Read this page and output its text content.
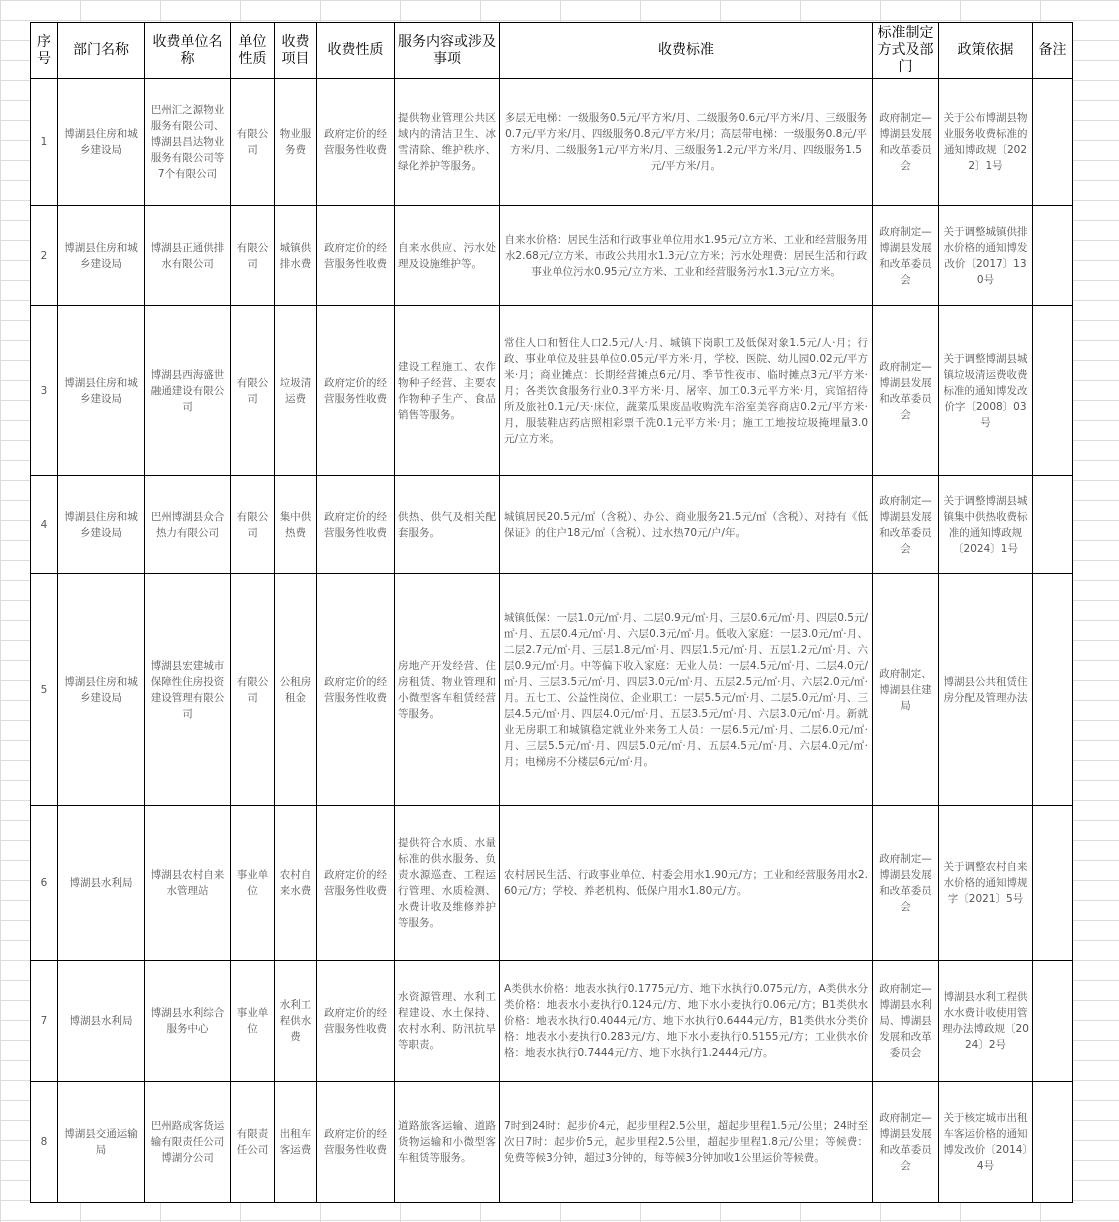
序号	部门名称	收费单位名称	单位性质	收费项目	收费性质	服务内容或涉及事项	收费标准	标准制定方式及部门	政策依据	备注
1	博湖县住房和城乡建设局	巴州汇之源物业服务有限公司、博湖县昌达物业服务有限公司等7个有限公司	有限公司	物业服务费	政府定价的经营服务性收费	提供物业管理公共区域内的清洁卫生、冰雪清除、维护秩序、绿化养护等服务。	多层无电梯：一级服务0.5元/平方米/月、二级服务0.6元/平方米/月、三级服务0.7元/平方米/月、四级服务0.8元/平方米/月；高层带电梯：一级服务0.8元/平方米/月、二级服务1元/平方米/月、三级服务1.2元/平方米/月、四级服务1.5元/平方米/月。	政府制定—博湖县发展和改革委员会	关于公布博湖县物业服务收费标准的通知博政规〔2022〕1号	
2	博湖县住房和城乡建设局	博湖县正通供排水有限公司	有限公司	城镇供排水费	政府定价的经营服务性收费	自来水供应、污水处理及设施维护等。	自来水价格：居民生活和行政事业单位用水1.95元/立方米、工业和经营服务用水2.68元/立方米、市政公共用水1.3元/立方米；污水处理费：居民生活和行政事业单位污水0.95元/立方米、工业和经营服务污水1.3元/立方米。	政府制定—博湖县发展和改革委员会	关于调整城镇供排水价格的通知博发改价〔2017〕130号	
3	博湖县住房和城乡建设局	博湖县西海盛世融通建设有限公司	有限公司	垃圾清运费	政府定价的经营服务性收费	建设工程施工、农作物种子经营、主要农作物种子生产、食品销售等服务。	常住人口和暂住人口2.5元/人·月、城镇下岗职工及低保对象1.5元/人·月；行政、事业单位及驻县单位0.05元/平方米·月，学校、医院、幼儿园0.02元/平方米·月；商业摊点：长期经营摊点6元/月、季节性夜市、临时摊点3元/平方米·月；各类饮食服务行业0.3平方米·月、屠宰、加工0.3元平方米·月，宾馆招待所及旅社0.1元/天·床位，蔬菜瓜果废品收购洗车浴室美容商店0.2元/平方米·月，服装鞋店药店照相彩票千洗0.1元平方米·月；施工工地按垃圾掩埋量3.0元/立方米。	政府制定—博湖县发展和改革委员会	关于调整博湖县城镇垃圾清运费收费标准的通知博发改价字〔2008〕03号	
4	博湖县住房和城乡建设局	巴州博湖县众合热力有限公司	有限公司	集中供热费	政府定价的经营服务性收费	供热、供气及相关配套服务。	城镇居民20.5元/㎡（含税）、办公、商业服务21.5元/㎡（含税）、对持有《低保证》的住户18元/㎡（含税）、过水热70元/户/年。	政府制定—博湖县发展和改革委员会	关于调整博湖县城镇集中供热收费标准的通知博政规〔2024〕1号	
5	博湖县住房和城乡建设局	博湖县宏建城市保障性住房投资建设管理有限公司	有限公司	公租房租金	政府定价的经营服务性收费	房地产开发经营、住房租赁、物业管理和小微型客车租赁经营等服务。	城镇低保：一层1.0元/㎡·月、二层0.9元/㎡·月、三层0.6元/㎡·月、四层0.5元/㎡·月、五层0.4元/㎡·月、六层0.3元/㎡·月。低收入家庭：一层3.0元/㎡·月、二层2.7元/㎡·月、三层1.8元/㎡·月、四层1.5元/㎡·月、五层1.2元/㎡·月、六层0.9元/㎡·月。中等偏下收入家庭：无业人员：一层4.5元/㎡·月、二层4.0元/㎡·月、三层3.5元/㎡·月、四层3.0元/㎡·月、五层2.5元/㎡·月、六层2.0元/㎡·月。五七工、公益性岗位、企业职工：一层5.5元/㎡·月、二层5.0元/㎡·月、三层4.5元/㎡·月、四层4.0元/㎡·月、五层3.5元/㎡·月、六层3.0元/㎡·月。新就业无房职工和城镇稳定就业外来务工人员：一层6.5元/㎡·月、二层6.0元/㎡·月、三层5.5元/㎡·月、四层5.0元/㎡·月、五层4.5元/㎡·月、六层4.0元/㎡·月；电梯房不分楼层6元/㎡·月。	政府制定、博湖县住建局	博湖县公共租赁住房分配及管理办法	
6	博湖县水利局	博湖县农村自来水管理站	事业单位	农村自来水费	政府定价的经营服务性收费	提供符合水质、水量标准的供水服务、负责水源巡查、工程运行管理、水质检测、水费计收及维修养护等服务。	农村居民生活、行政事业单位、村委会用水1.90元/方；工业和经营服务用水2.60元/方；学校、养老机构、低保户用水1.80元/方。	政府制定—博湖县发展和改革委员会	关于调整农村自来水价格的通知博规字〔2021〕5号	
7	博湖县水利局	博湖县水利综合服务中心	事业单位	水利工程供水费	政府定价的经营服务性收费	水资源管理、水利工程建设、水土保持、农村水利、防汛抗旱等职责。	A类供水价格：地表水执行0.1775元/方、地下水执行0.075元/方，A类供水分类价格：地表水小麦执行0.124元/方、地下水小麦执行0.06元/方；B1类供水价格：地表水执行0.4044元/方、地下水执行0.6444元/方，B1类供水分类价格：地表水小麦执行0.283元/方、地下水小麦执行0.5155元/方；工业供水价格：地表水执行0.7444元/方、地下水执行1.2444元/方。	政府制定—博湖县水利局、博湖县发展和改革委员会	博湖县水利工程供水水费计收使用管理办法博政规〔2024〕2号	
8	博湖县交通运输局	巴州路成客货运输有限责任公司博湖分公司	有限责任公司	出租车客运费	政府定价的经营服务性收费	道路旅客运输、道路货物运输和小微型客车租赁等服务。	7时到24时：起步价4元，起步里程2.5公里，超起步里程1.5元/公里；24时至次日7时：起步价5元，起步里程2.5公里，超起步里程1.8元/公里；等候费：免费等候3分钟，超过3分钟的，每等候3分钟加收1公里运价等候费。	政府制定—博湖县发展和改革委员会	关于核定城市出租车客运价格的通知博发改价〔2014〕4号	
